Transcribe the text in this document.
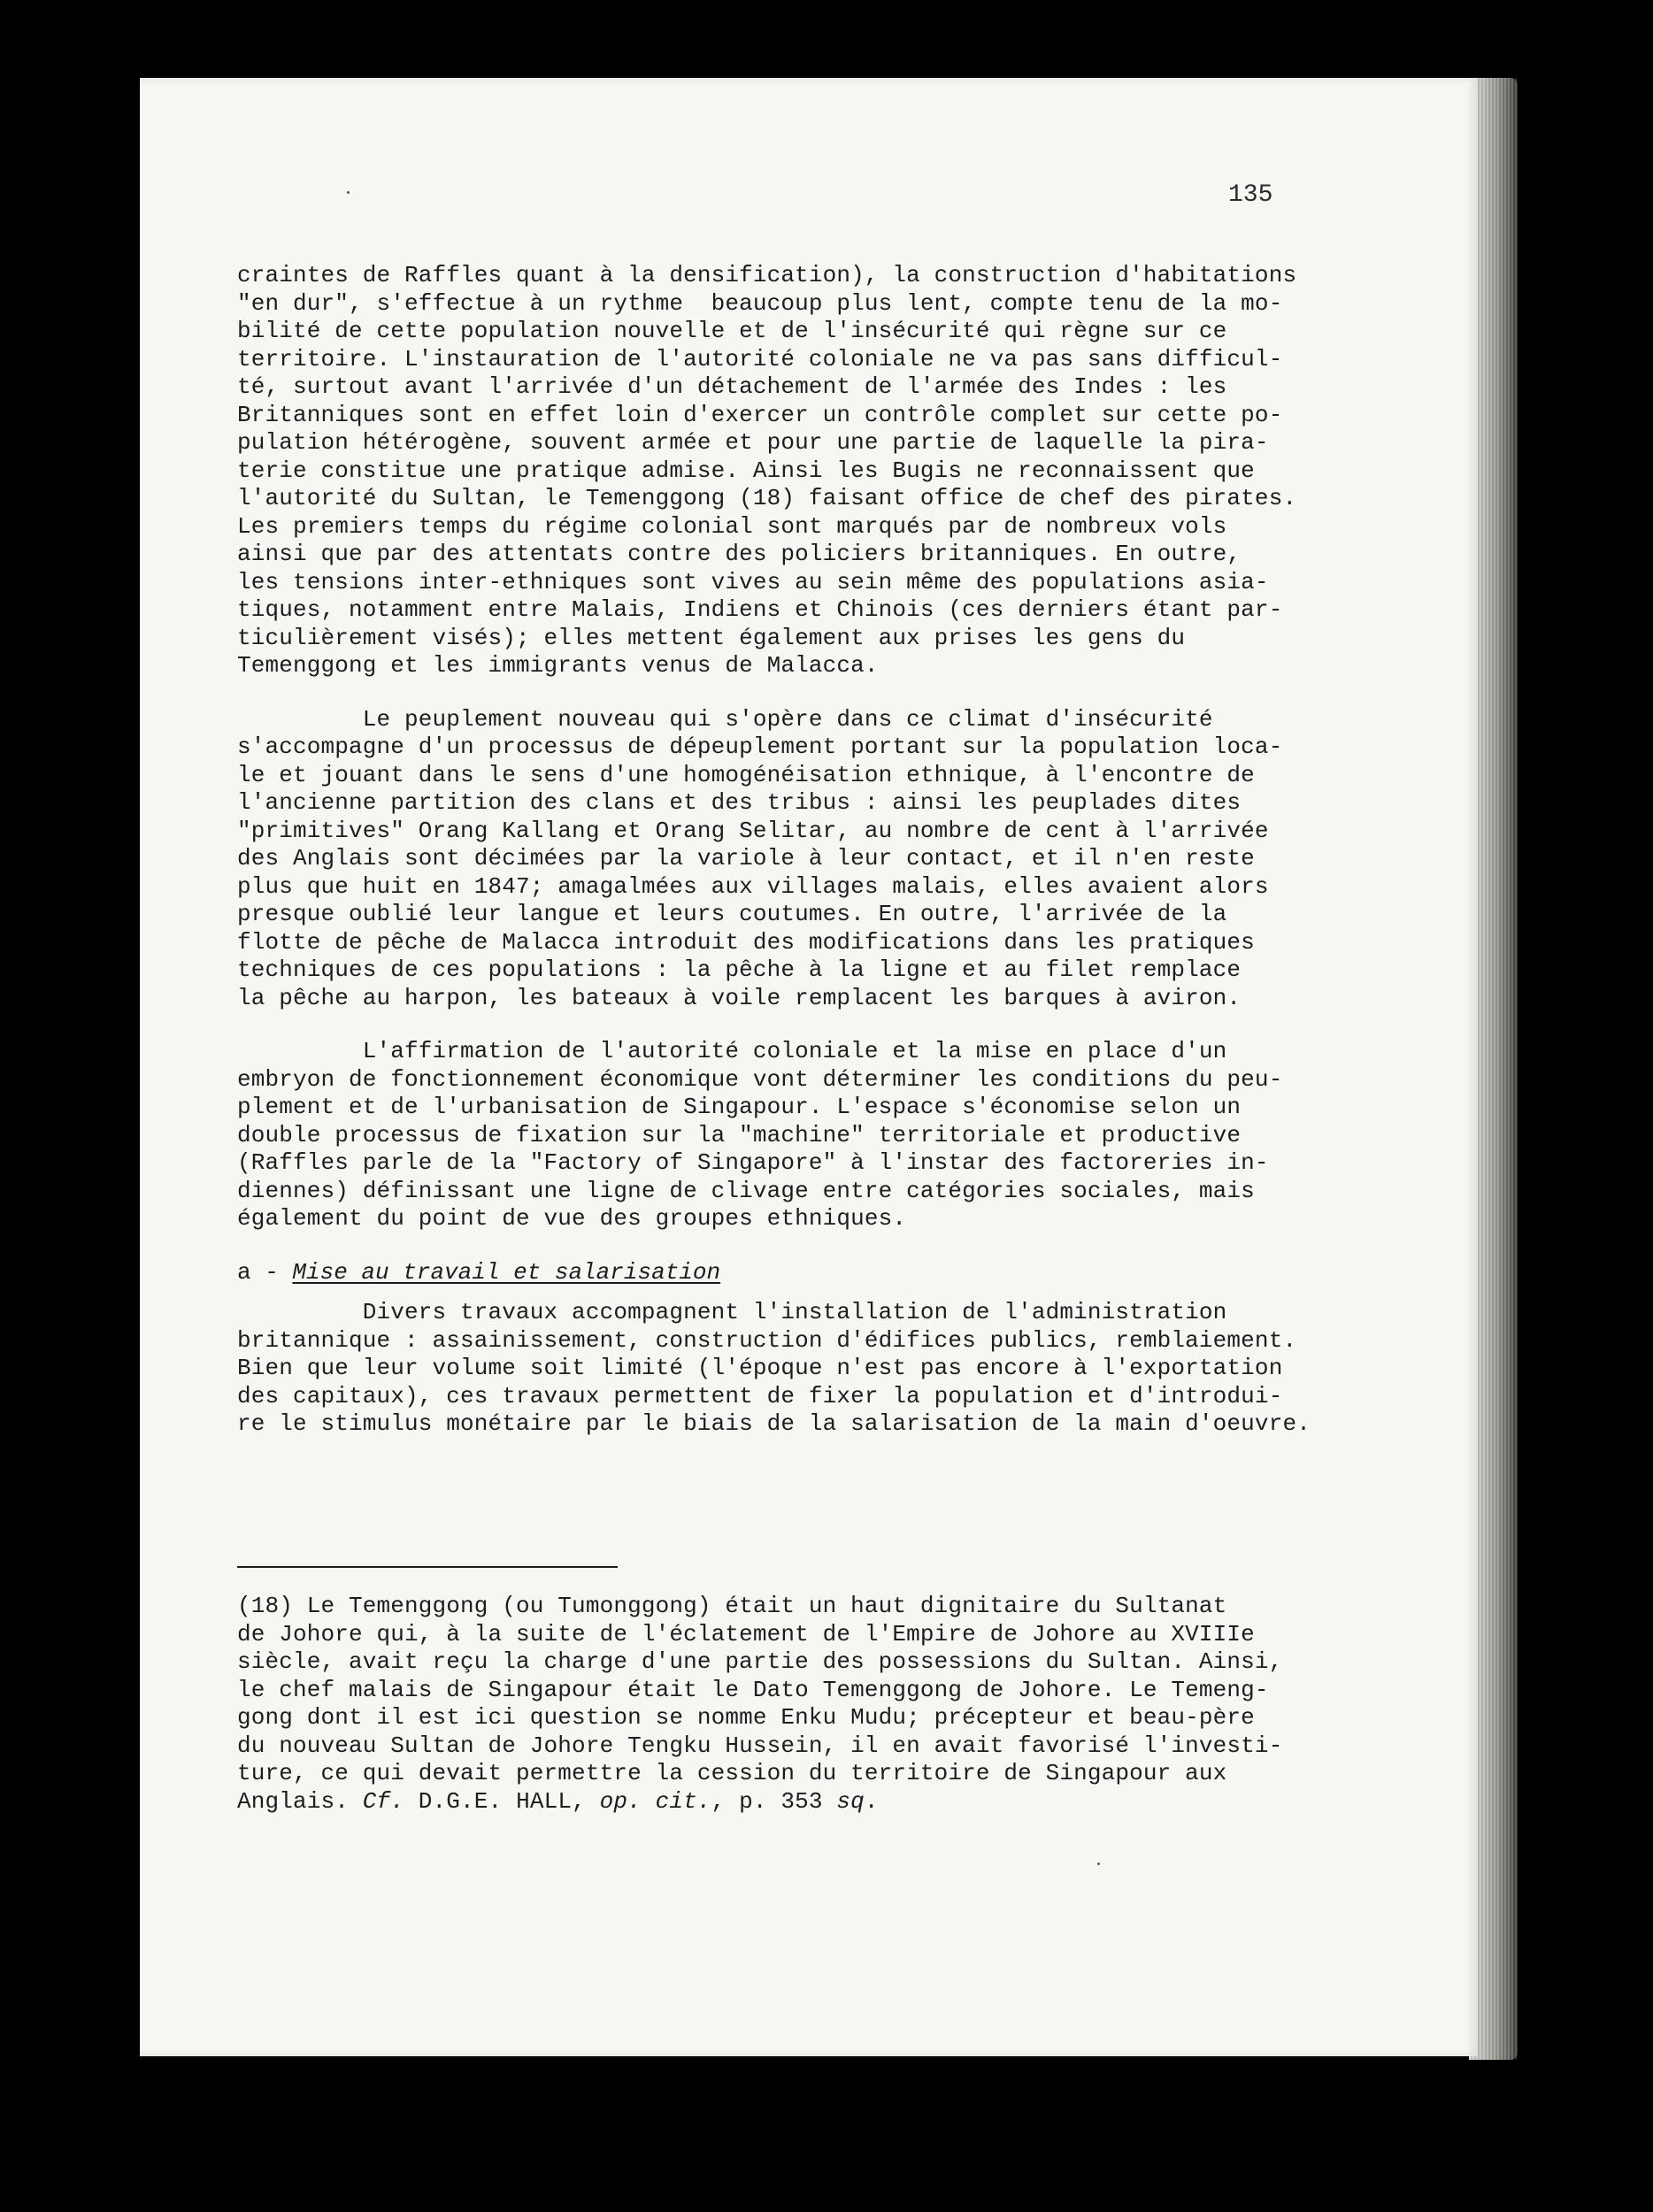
135
craintes de Raffles quant à la densification), la construction d'habitations
"en dur", s'effectue à un rythme  beaucoup plus lent, compte tenu de la mo-
bilité de cette population nouvelle et de l'insécurité qui règne sur ce
territoire. L'instauration de l'autorité coloniale ne va pas sans difficul-
té, surtout avant l'arrivée d'un détachement de l'armée des Indes : les
Britanniques sont en effet loin d'exercer un contrôle complet sur cette po-
pulation hétérogène, souvent armée et pour une partie de laquelle la pira-
terie constitue une pratique admise. Ainsi les Bugis ne reconnaissent que
l'autorité du Sultan, le Temenggong (18) faisant office de chef des pirates.
Les premiers temps du régime colonial sont marqués par de nombreux vols
ainsi que par des attentats contre des policiers britanniques. En outre,
les tensions inter-ethniques sont vives au sein même des populations asia-
tiques, notamment entre Malais, Indiens et Chinois (ces derniers étant par-
ticulièrement visés); elles mettent également aux prises les gens du
Temenggong et les immigrants venus de Malacca.
Le peuplement nouveau qui s'opère dans ce climat d'insécurité
s'accompagne d'un processus de dépeuplement portant sur la population loca-
le et jouant dans le sens d'une homogénéisation ethnique, à l'encontre de
l'ancienne partition des clans et des tribus : ainsi les peuplades dites
"primitives" Orang Kallang et Orang Selitar, au nombre de cent à l'arrivée
des Anglais sont décimées par la variole à leur contact, et il n'en reste
plus que huit en 1847; amagalmées aux villages malais, elles avaient alors
presque oublié leur langue et leurs coutumes. En outre, l'arrivée de la
flotte de pêche de Malacca introduit des modifications dans les pratiques
techniques de ces populations : la pêche à la ligne et au filet remplace
la pêche au harpon, les bateaux à voile remplacent les barques à aviron.
L'affirmation de l'autorité coloniale et la mise en place d'un
embryon de fonctionnement économique vont déterminer les conditions du peu-
plement et de l'urbanisation de Singapour. L'espace s'économise selon un
double processus de fixation sur la "machine" territoriale et productive
(Raffles parle de la "Factory of Singapore" à l'instar des factoreries in-
diennes) définissant une ligne de clivage entre catégories sociales, mais
également du point de vue des groupes ethniques.
a - Mise au travail et salarisation
Divers travaux accompagnent l'installation de l'administration
britannique : assainissement, construction d'édifices publics, remblaiement.
Bien que leur volume soit limité (l'époque n'est pas encore à l'exportation
des capitaux), ces travaux permettent de fixer la population et d'introdui-
re le stimulus monétaire par le biais de la salarisation de la main d'oeuvre.
(18) Le Temenggong (ou Tumonggong) était un haut dignitaire du Sultanat
de Johore qui, à la suite de l'éclatement de l'Empire de Johore au XVIIIe
siècle, avait reçu la charge d'une partie des possessions du Sultan. Ainsi,
le chef malais de Singapour était le Dato Temenggong de Johore. Le Temeng-
gong dont il est ici question se nomme Enku Mudu; précepteur et beau-père
du nouveau Sultan de Johore Tengku Hussein, il en avait favorisé l'investi-
ture, ce qui devait permettre la cession du territoire de Singapour aux
Anglais. Cf. D.G.E. HALL, op. cit., p. 353 sq.
